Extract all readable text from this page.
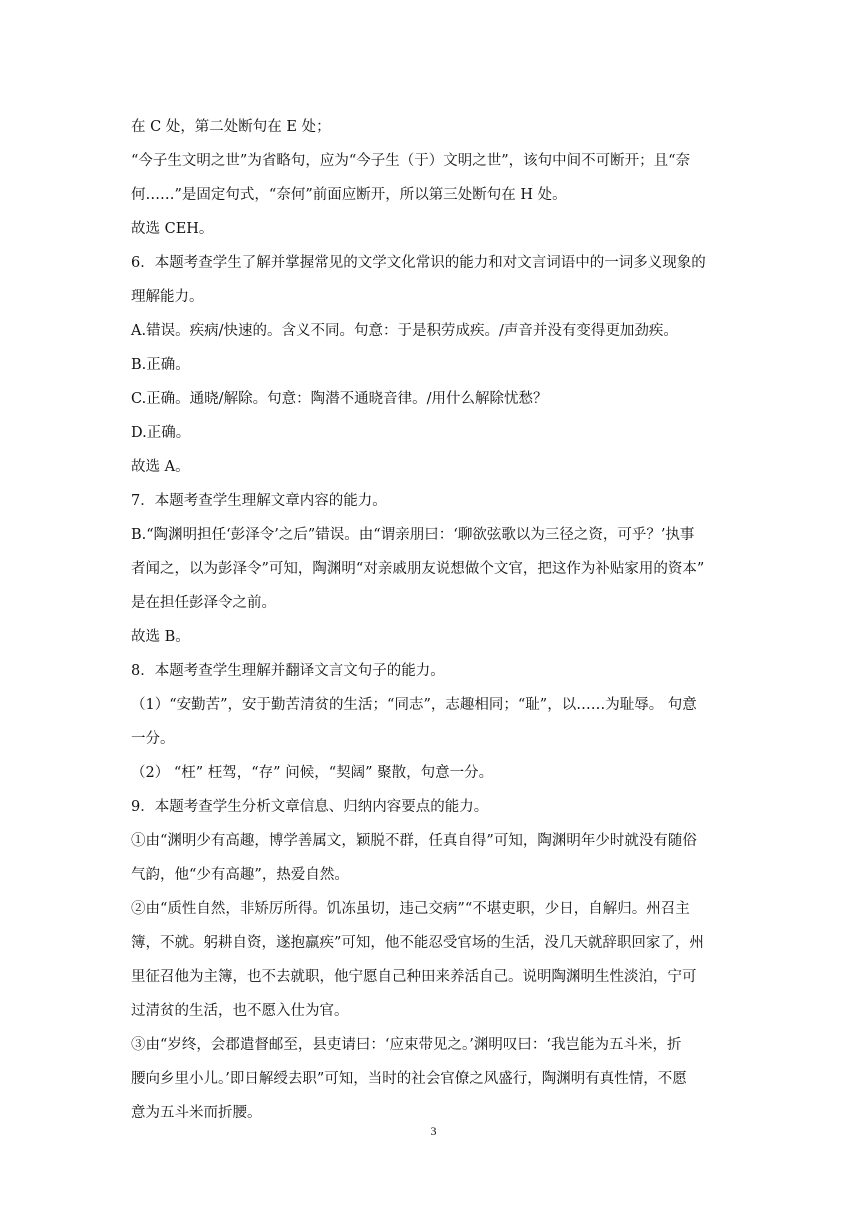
在 C 处，第二处断句在 E 处；
“今子生文明之世”为省略句，应为“今子生（于）文明之世”，该句中间不可断开；且“奈
何……”是固定句式，“奈何”前面应断开，所以第三处断句在 H 处。
故选 CEH。
6．本题考查学生了解并掌握常见的文学文化常识的能力和对文言词语中的一词多义现象的
理解能力。
A.错误。疾病/快速的。含义不同。句意：于是积劳成疾。/声音并没有变得更加劲疾。
B.正确。
C.正确。通晓/解除。句意：陶潜不通晓音律。/用什么解除忧愁？
D.正确。
故选 A。
7．本题考查学生理解文章内容的能力。
B.“陶渊明担任‘彭泽令’之后”错误。由“谓亲朋曰：‘聊欲弦歌以为三径之资，可乎？’执事
者闻之，以为彭泽令”可知，陶渊明“对亲戚朋友说想做个文官，把这作为补贴家用的资本”
是在担任彭泽令之前。
故选 B。
8．本题考查学生理解并翻译文言文句子的能力。
（1）“安勤苦”，安于勤苦清贫的生活；“同志”，志趣相同；“耻”，以……为耻辱。 句意
一分。
（2） “枉” 枉驾，“存” 问候，“契阔” 聚散，句意一分。
9．本题考查学生分析文章信息、归纳内容要点的能力。
①由“渊明少有高趣，博学善属文，颖脱不群，任真自得”可知，陶渊明年少时就没有随俗
气韵，他“少有高趣”，热爱自然。
②由“质性自然，非矫厉所得。饥冻虽切，违己交病”“不堪吏职，少日，自解归。州召主
簿，不就。躬耕自资，遂抱羸疾”可知，他不能忍受官场的生活，没几天就辞职回家了，州
里征召他为主簿，也不去就职，他宁愿自己种田来养活自己。说明陶渊明生性淡泊，宁可
过清贫的生活，也不愿入仕为官。
③由“岁终，会郡遣督邮至，县吏请曰：‘应束带见之。’渊明叹曰：‘我岂能为五斗米，折
腰向乡里小儿。’即日解绶去职”可知，当时的社会官僚之风盛行，陶渊明有真性情，不愿
意为五斗米而折腰。
3
